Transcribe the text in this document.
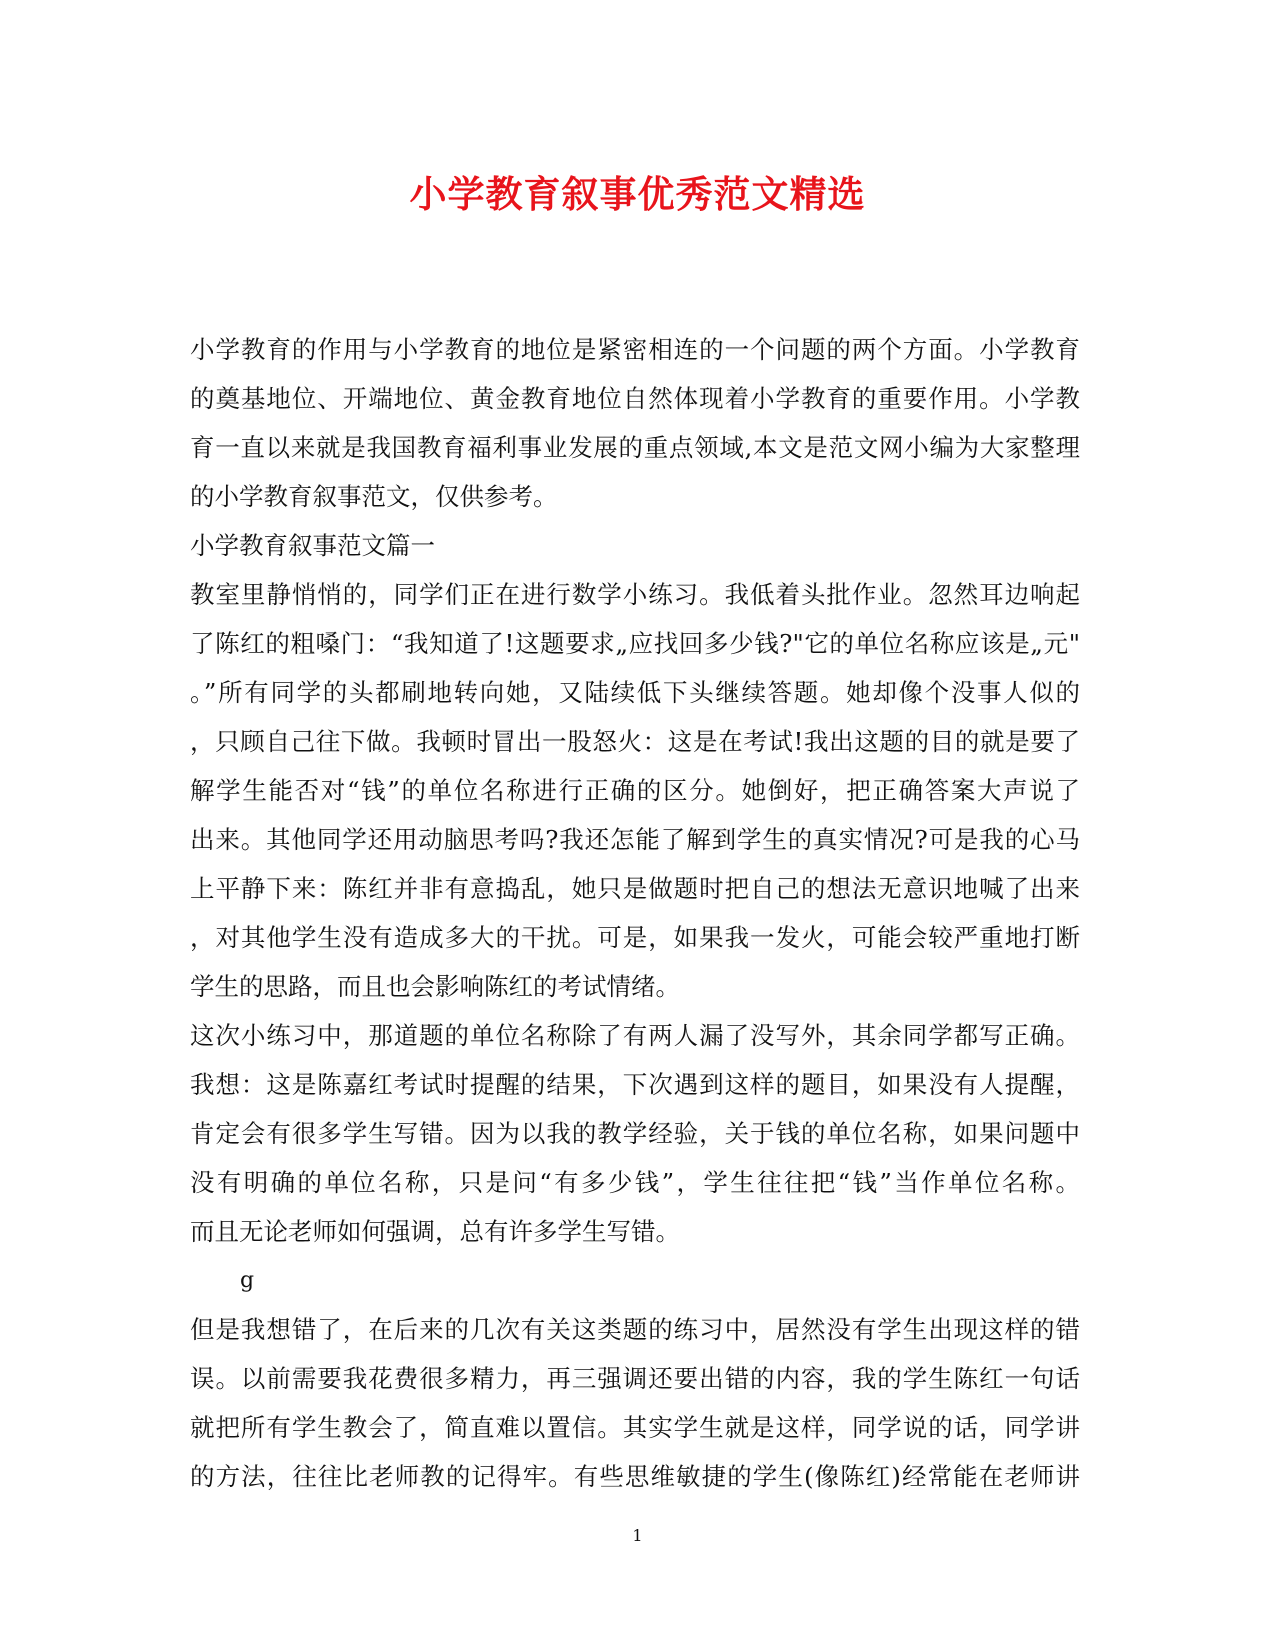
小学教育叙事优秀范文精选
小学教育的作用与小学教育的地位是紧密相连的一个问题的两个方面。小学教育
的奠基地位、开端地位、黄金教育地位自然体现着小学教育的重要作用。小学教
育一直以来就是我国教育福利事业发展的重点领域,本文是范文网小编为大家整理
的小学教育叙事范文，仅供参考。
小学教育叙事范文篇一
教室里静悄悄的，同学们正在进行数学小练习。我低着头批作业。忽然耳边响起
了陈红的粗嗓门：“我知道了!这题要求„应找回多少钱?"它的单位名称应该是„元"
。”所有同学的头都刷地转向她，又陆续低下头继续答题。她却像个没事人似的
，只顾自己往下做。我顿时冒出一股怒火：这是在考试!我出这题的目的就是要了
解学生能否对“钱”的单位名称进行正确的区分。她倒好，把正确答案大声说了
出来。其他同学还用动脑思考吗?我还怎能了解到学生的真实情况?可是我的心马
上平静下来：陈红并非有意捣乱，她只是做题时把自己的想法无意识地喊了出来
，对其他学生没有造成多大的干扰。可是，如果我一发火，可能会较严重地打断
学生的思路，而且也会影响陈红的考试情绪。
这次小练习中，那道题的单位名称除了有两人漏了没写外，其余同学都写正确。
我想：这是陈嘉红考试时提醒的结果，下次遇到这样的题目，如果没有人提醒，
肯定会有很多学生写错。因为以我的教学经验，关于钱的单位名称，如果问题中
没有明确的单位名称，只是问“有多少钱”，学生往往把“钱”当作单位名称。
而且无论老师如何强调，总有许多学生写错。
g
但是我想错了，在后来的几次有关这类题的练习中，居然没有学生出现这样的错
误。以前需要我花费很多精力，再三强调还要出错的内容，我的学生陈红一句话
就把所有学生教会了，简直难以置信。其实学生就是这样，同学说的话，同学讲
的方法，往往比老师教的记得牢。有些思维敏捷的学生(像陈红)经常能在老师讲
1
